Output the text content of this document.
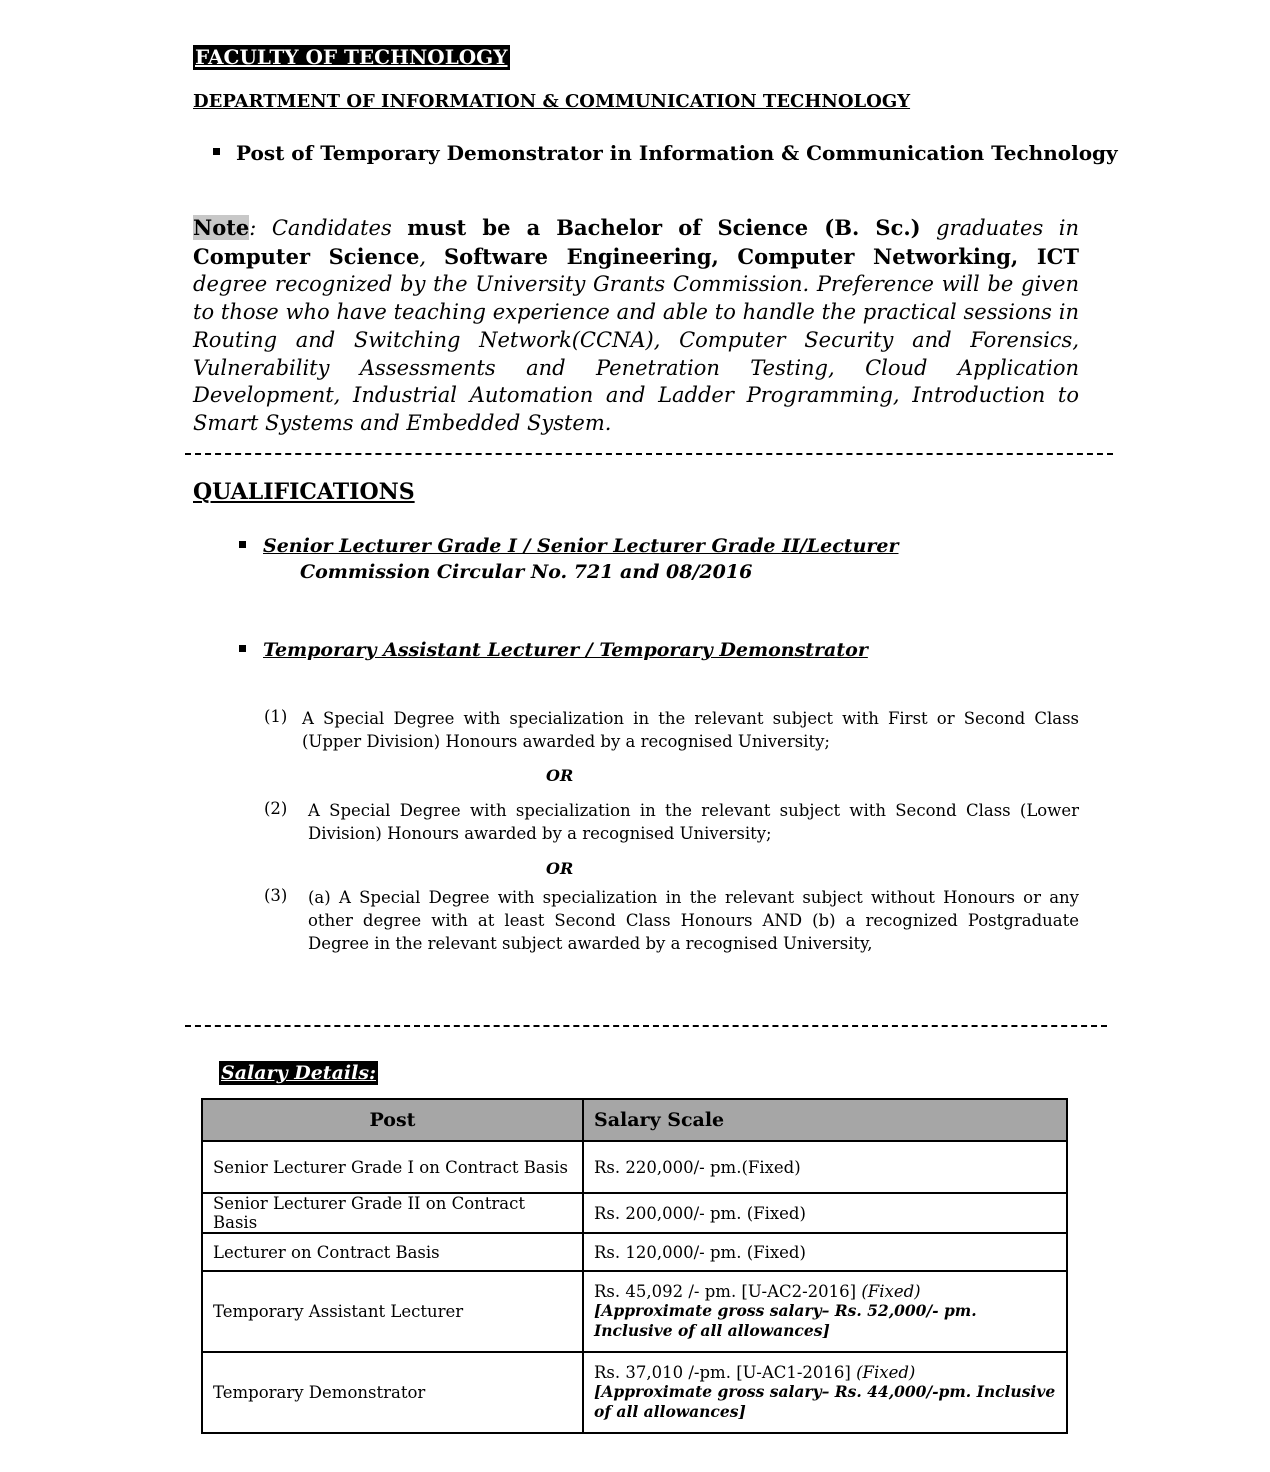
FACULTY OF TECHNOLOGY
DEPARTMENT OF INFORMATION & COMMUNICATION TECHNOLOGY
Post of Temporary Demonstrator in Information & Communication Technology
Note: Candidates must be a Bachelor of Science (B. Sc.) graduates in Computer Science, Software Engineering, Computer Networking, ICT degree recognized by the University Grants Commission. Preference will be given to those who have teaching experience and able to handle the practical sessions in Routing and Switching Network(CCNA), Computer Security and Forensics, Vulnerability Assessments and Penetration Testing, Cloud Application Development, Industrial Automation and Ladder Programming, Introduction to Smart Systems and Embedded System.
QUALIFICATIONS
Senior Lecturer Grade I / Senior Lecturer Grade II/Lecturer
Commission Circular No. 721 and 08/2016
Temporary Assistant Lecturer / Temporary Demonstrator
(1) A Special Degree with specialization in the relevant subject with First or Second Class (Upper Division) Honours awarded by a recognised University;
OR
(2) A Special Degree with specialization in the relevant subject with Second Class (Lower Division) Honours awarded by a recognised University;
OR
(3) (a) A Special Degree with specialization in the relevant subject without Honours or any other degree with at least Second Class Honours AND (b) a recognized Postgraduate Degree in the relevant subject awarded by a recognised University,
Salary Details:
Post	Salary Scale
Senior Lecturer Grade I on Contract Basis	Rs. 220,000/- pm.(Fixed)
Senior Lecturer Grade II on Contract Basis	Rs. 200,000/- pm. (Fixed)
Lecturer on Contract Basis	Rs. 120,000/- pm. (Fixed)
Temporary Assistant Lecturer	Rs. 45,092 /- pm. [U-AC2-2016] (Fixed)
[Approximate gross salary– Rs. 52,000/- pm. Inclusive of all allowances]

Temporary Demonstrator	Rs. 37,010 /-pm. [U-AC1-2016] (Fixed)
[Approximate gross salary– Rs. 44,000/-pm. Inclusive of all allowances]
